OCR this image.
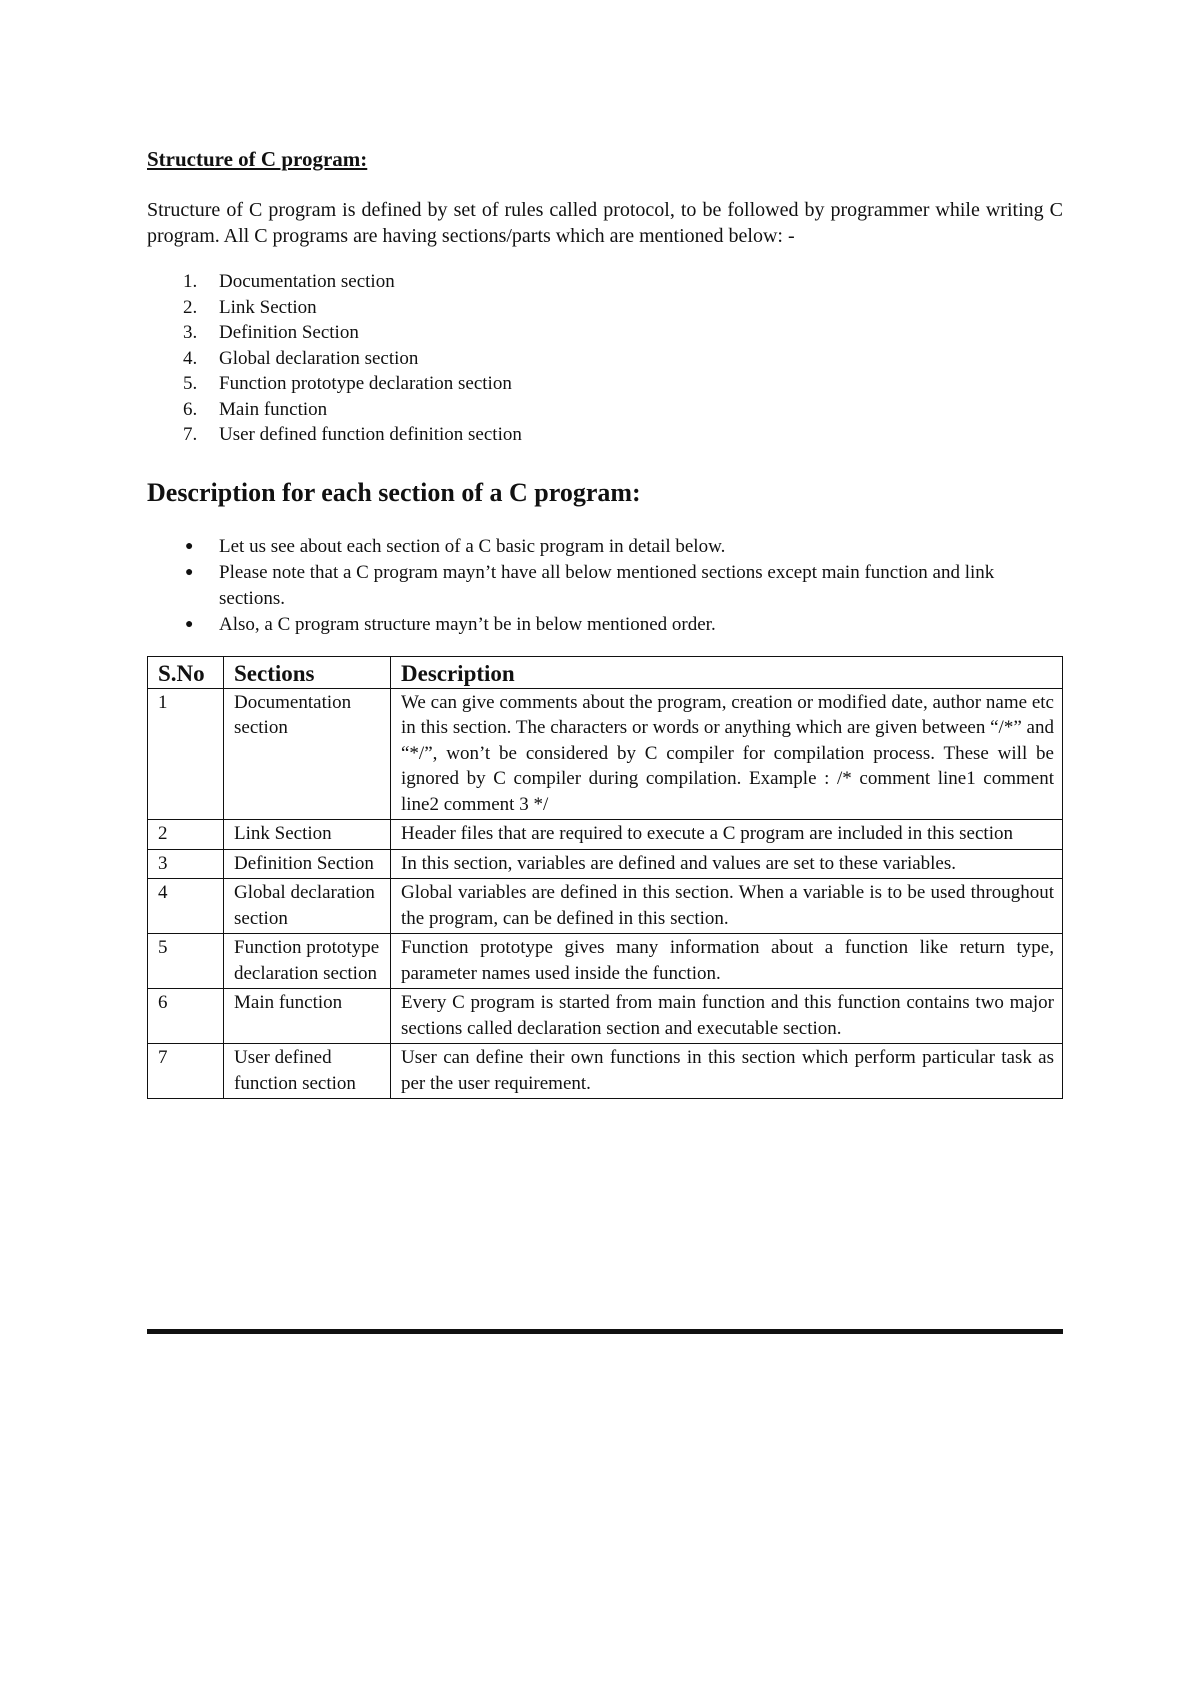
Structure of C program:

Structure of C program is defined by set of rules called protocol, to be followed by programmer while writing C program. All C programs are having sections/parts which are mentioned below: -

1.	Documentation section
2.	Link Section
3.	Definition Section
4.	Global declaration section
5.	Function prototype declaration section
6.	Main function
7.	User defined function definition section
Description for each section of a C program:
● Let us see about each section of a C basic program in detail below.
● Please note that a C program mayn’t have all below mentioned sections except main function and link sections.
● Also, a C program structure mayn’t be in below mentioned order.
S.No	Sections	Description
1	Documentation section	We can give comments about the program, creation or modified date, author name etc in this section. The characters or words or anything which are given between “/*” and “*/”, won’t be considered by C compiler for compilation process. These will be ignored by C compiler during compilation. Example : /* comment line1 comment line2 comment 3 */
2	Link Section	Header files that are required to execute a C program are included in this section
3	Definition Section	In this section, variables are defined and values are set to these variables.
4	Global declaration section	Global variables are defined in this section. When a variable is to be used throughout the program, can be defined in this section.
5	Function prototype declaration section	Function prototype gives many information about a function like return type, parameter names used inside the function.
6	Main function	Every C program is started from main function and this function contains two major sections called declaration section and executable section.
7	User defined function section	User can define their own functions in this section which perform particular task as per the user requirement.
